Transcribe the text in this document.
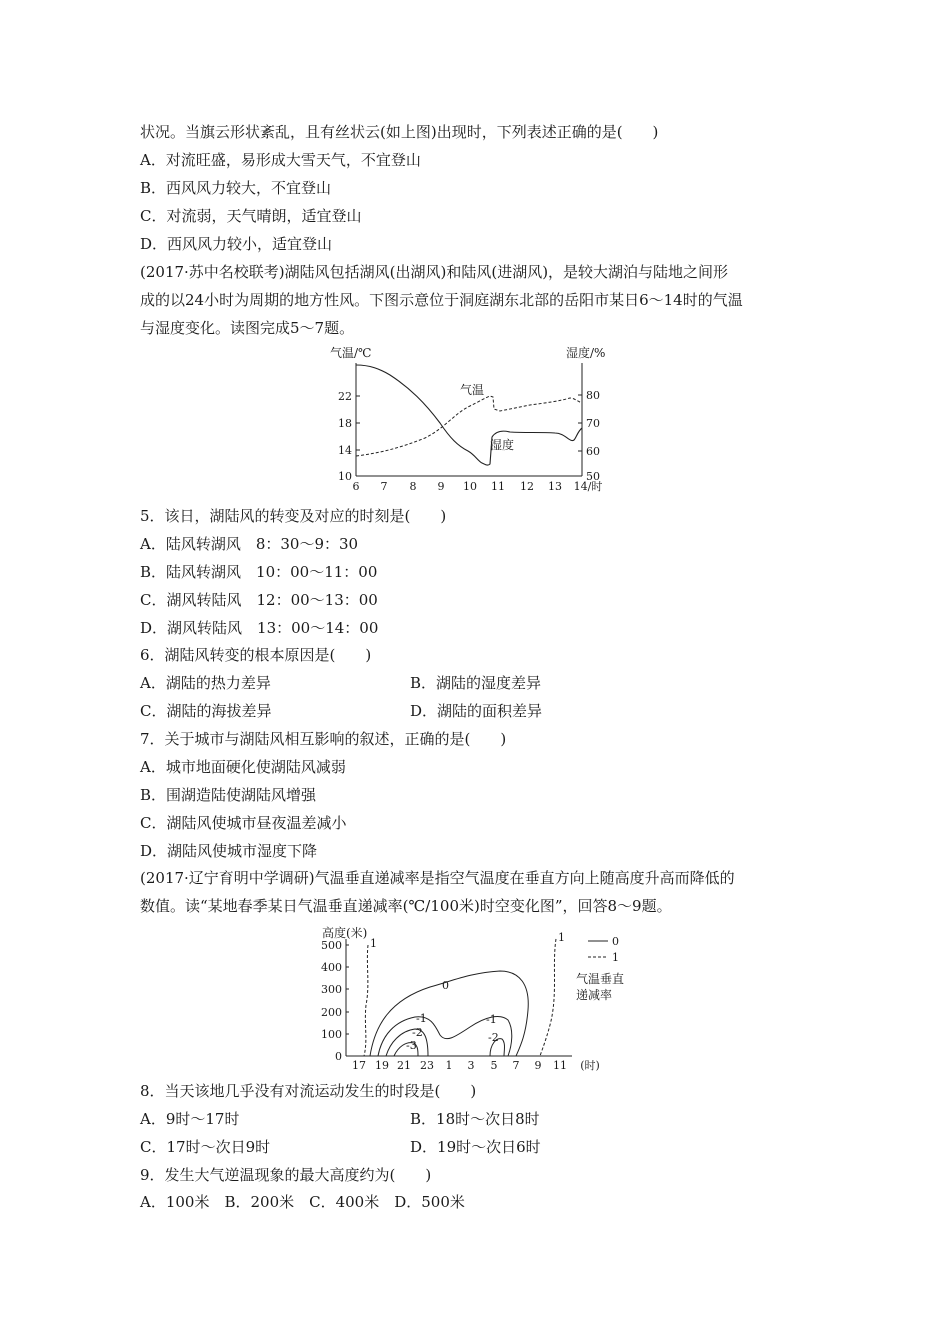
状况。当旗云形状紊乱，且有丝状云(如上图)出现时，下列表述正确的是(　　)
A．对流旺盛，易形成大雪天气，不宜登山
B．西风风力较大，不宜登山
C．对流弱，天气晴朗，适宜登山
D．西风风力较小，适宜登山
(2017·苏中名校联考)湖陆风包括湖风(出湖风)和陆风(进湖风)，是较大湖泊与陆地之间形
成的以24小时为周期的地方性风。下图示意位于洞庭湖东北部的岳阳市某日6～14时的气温
与湿度变化。读图完成5～7题。
气温/℃	湿度/%
10
14
18
22
50
60
70
80
6 7 8 9 10 11 12 13 14/时
气温
湿度
5．该日，湖陆风的转变及对应的时刻是(　　)
A．陆风转湖风　8：30～9：30
B．陆风转湖风　10：00～11：00
C．湖风转陆风　12：00～13：00
D．湖风转陆风　13：00～14：00
6．湖陆风转变的根本原因是(　　)
A．湖陆的热力差异	B．湖陆的湿度差异
C．湖陆的海拔差异	D．湖陆的面积差异
7．关于城市与湖陆风相互影响的叙述，正确的是(　　)
A．城市地面硬化使湖陆风减弱
B．围湖造陆使湖陆风增强
C．湖陆风使城市昼夜温差减小
D．湖陆风使城市湿度下降
(2017·辽宁育明中学调研)气温垂直递减率是指空气温度在垂直方向上随高度升高而降低的
数值。读“某地春季某日气温垂直递减率(℃/100米)时空变化图”，回答8～9题。
高度(米)
0
100
200
300
400
500
17 19 21 23 1 3 5 7 9 11 (时)
1	1
0
-1
-2
-3
-1
-2
0
1
气温垂直
递减率
8．当天该地几乎没有对流运动发生的时段是(　　)
A．9时～17时	B．18时～次日8时
C．17时～次日9时	D．19时～次日6时
9．发生大气逆温现象的最大高度约为(　　)
A．100米　B．200米　C．400米　D．500米
